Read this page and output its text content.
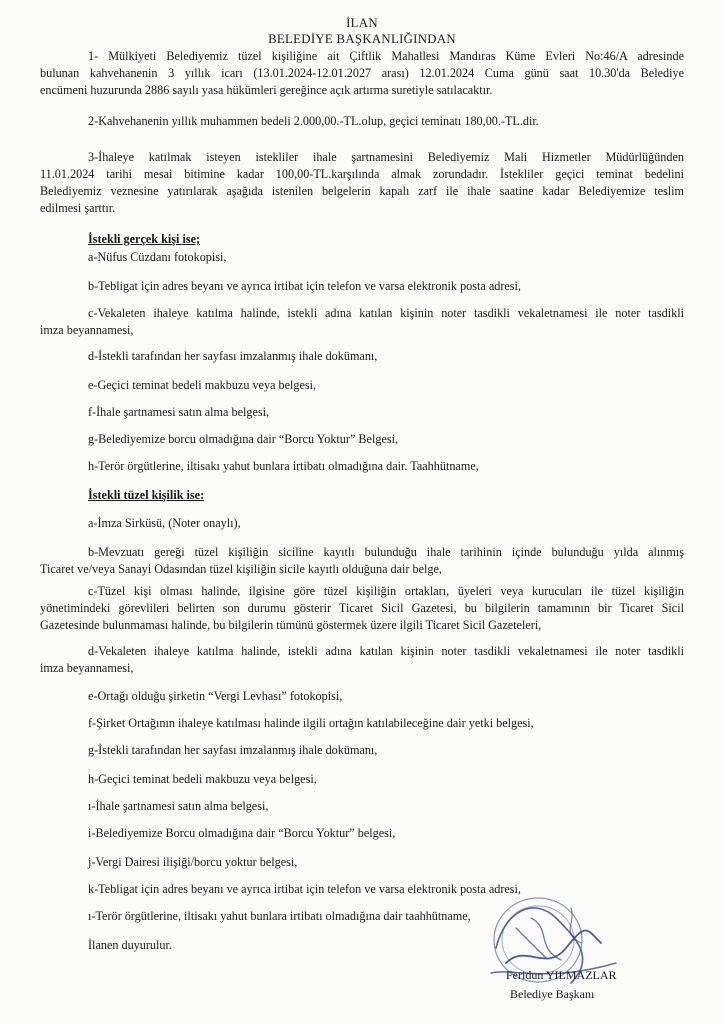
İLAN
BELEDİYE BAŞKANLIĞINDAN
1- Mülkiyeti Belediyemiz tüzel kişiliğine ait Çiftlik Mahallesi Mandıras Küme Evleri No:46/A adresinde
bulunan kahvehanenin 3 yıllık icarı (13.01.2024-12.01.2027 arası) 12.01.2024 Cuma günü saat 10.30'da Belediye
encümeni huzurunda 2886 sayılı yasa hükümleri gereğince açık artırma suretiyle satılacaktır.
2-Kahvehanenin yıllık muhammen bedeli 2.000,00.-TL.olup, geçici teminatı 180,00.-TL.dir.
3-İhaleye katılmak isteyen istekliler ihale şartnamesini Belediyemiz Mali Hizmetler Müdürlüğünden
11.01.2024 tarihi mesai bitimine kadar 100,00-TL.karşılında almak zorundadır. İstekliler geçici teminat bedelini
Belediyemiz veznesine yatırılarak aşağıda istenilen belgelerin kapalı zarf ile ihale saatine kadar Belediyemize teslim
edilmesi şarttır.
İstekli gerçek kişi ise;
a-Nüfus Cüzdanı fotokopisi,
b-Tebligat için adres beyanı ve ayrıca irtibat için telefon ve varsa elektronik posta adresi,
c-Vekaleten ihaleye katılma halinde, istekli adına katılan kişinin noter tasdikli vekaletnamesi ile noter tasdikli
imza beyannamesi,
d-İstekli tarafından her sayfası imzalanmış ihale dokümanı,
e-Geçici teminat bedeli makbuzu veya belgesi,
f-İhale şartnamesi satın alma belgesi,
g-Belediyemize borcu olmadığına dair “Borcu Yoktur” Belgesi,
h-Terör örgütlerine, iltisakı yahut bunlara irtibatı olmadığına dair. Taahhütname,
İstekli tüzel kişilik ise:
a-İmza Sirküsü, (Noter onaylı),
b-Mevzuatı gereği tüzel kişiliğin siciline kayıtlı bulunduğu ihale tarihinin içinde bulunduğu yılda alınmış
Ticaret ve/veya Sanayi Odasından tüzel kişiliğin sicile kayıtlı olduğuna dair belge,
c-Tüzel kişi olması halinde, ilgisine göre tüzel kişiliğin ortakları, üyeleri veya kurucuları ile tüzel kişiliğin
yönetimindeki görevlileri belirten son durumu gösterir Ticaret Sicil Gazetesi, bu bilgilerin tamamının bir Ticaret Sicil
Gazetesinde bulunmaması halinde, bu bilgilerin tümünü göstermek üzere ilgili Ticaret Sicil Gazeteleri,
d-Vekaleten ihaleye katılma halinde, istekli adına katılan kişinin noter tasdikli vekaletnamesi ile noter tasdikli
imza beyannamesi,
e-Ortağı olduğu şirketin “Vergi Levhası” fotokopisi,
f-Şirket Ortağının ihaleye katılması halinde ilgili ortağın katılabileceğine dair yetki belgesi,
g-İstekli tarafından her sayfası imzalanmış ihale dokümanı,
h-Geçici teminat bedeli makbuzu veya belgesi,
ı-İhale şartnamesi satın alma belgesi,
i-Belediyemize Borcu olmadığına dair “Borcu Yoktur” belgesi,
j-Vergi Dairesi ilişiği/borcu yoktur belgesi,
k-Tebligat için adres beyanı ve ayrıca irtibat için telefon ve varsa elektronik posta adresi,
ı-Terör örgütlerine, iltisakı yahut bunlara irtibatı olmadığına dair taahhütname,
İlanen duyurulur.
Feridun YILMAZLAR
Belediye Başkanı
